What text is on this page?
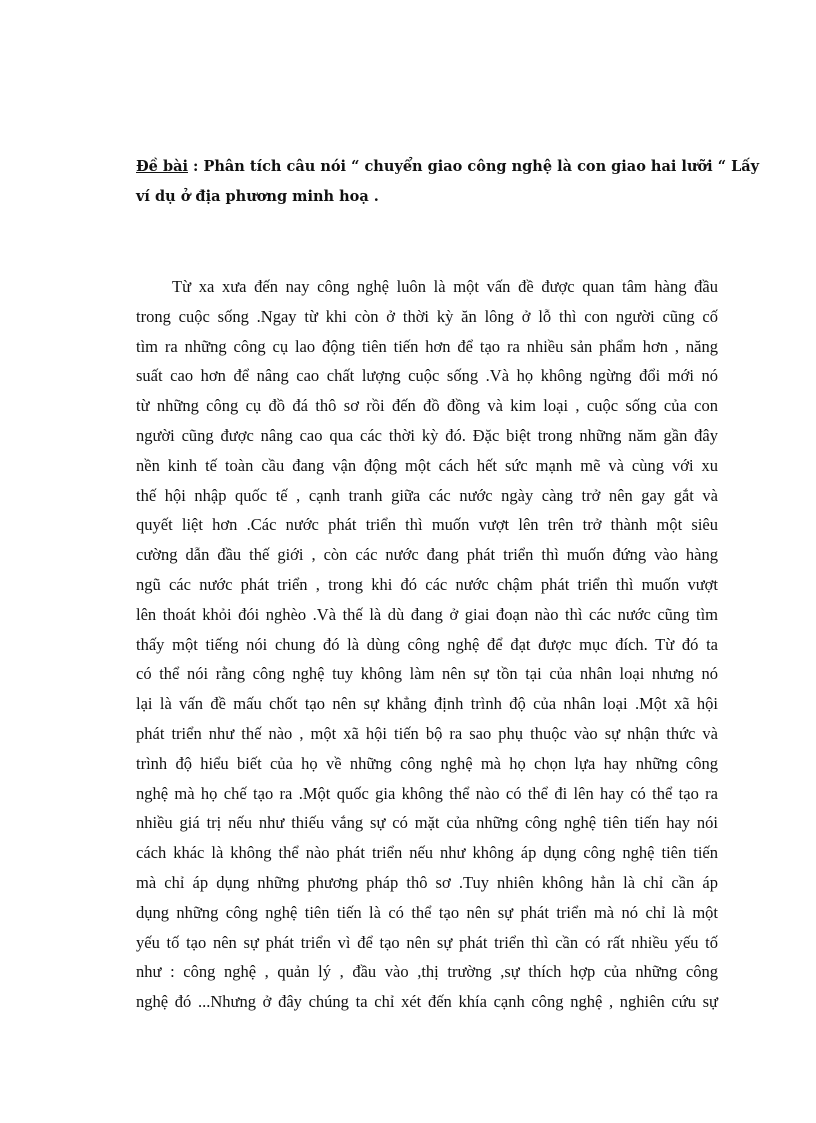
Đề bài : Phân tích câu nói “ chuyển giao công nghệ là con giao hai lưỡi “ Lấy
ví dụ ở địa phương minh hoạ .
Từ xa xưa đến nay công nghệ luôn là một vấn đề được quan tâm hàng đầu
trong cuộc sống .Ngay từ khi còn ở thời kỳ ăn lông ở lỗ thì con người cũng cố
tìm ra những công cụ lao động tiên tiến hơn để tạo ra nhiều sản phẩm hơn , năng
suất cao hơn để nâng cao chất lượng cuộc sống .Và họ không ngừng đổi mới nó
từ những công cụ đồ đá thô sơ rồi đến đồ đồng và kim loại , cuộc sống của con
người cũng được nâng cao qua các thời kỳ đó. Đặc biệt trong những năm gần đây
nền kinh tế toàn cầu đang vận động một cách hết sức mạnh mẽ và cùng với xu
thế hội nhập quốc tế , cạnh tranh giữa các nước ngày càng trở nên gay gắt và
quyết liệt hơn .Các nước phát triển thì muốn vượt lên trên trở thành một siêu
cường dẫn đầu thế giới , còn các nước đang phát triển thì muốn đứng vào hàng
ngũ các nước phát triển , trong khi đó các nước chậm phát triển thì muốn vượt
lên thoát khỏi đói nghèo .Và thế là dù đang ở giai đoạn nào thì các nước cũng tìm
thấy một tiếng nói chung đó là dùng công nghệ để đạt được mục đích. Từ đó ta
có thể nói rằng công nghệ tuy không làm nên sự tồn tại của nhân loại nhưng nó
lại là vấn đề mấu chốt tạo nên sự khẳng định trình độ của nhân loại .Một xã hội
phát triển như thế nào , một xã hội tiến bộ ra sao phụ thuộc vào sự nhận thức và
trình độ hiểu biết của họ về những công nghệ mà họ chọn lựa hay những công
nghệ mà họ chế tạo ra .Một quốc gia không thể nào có thể đi lên hay có thể tạo ra
nhiều giá trị nếu như thiếu vắng sự có mặt của những công nghệ tiên tiến hay nói
cách khác là không thể nào phát triển nếu như không áp dụng công nghệ tiên tiến
mà chỉ áp dụng những phương pháp thô sơ .Tuy nhiên không hẳn là chỉ cần áp
dụng những công nghệ tiên tiến là có thể tạo nên sự phát triển mà nó chỉ là một
yếu tố tạo nên sự phát triển vì để tạo nên sự phát triển thì cần có rất nhiều yếu tố
như : công nghệ , quản lý , đầu vào ,thị trường ,sự thích hợp của những công
nghệ đó ...Nhưng ở đây chúng ta chỉ xét đến khía cạnh công nghệ , nghiên cứu sự
